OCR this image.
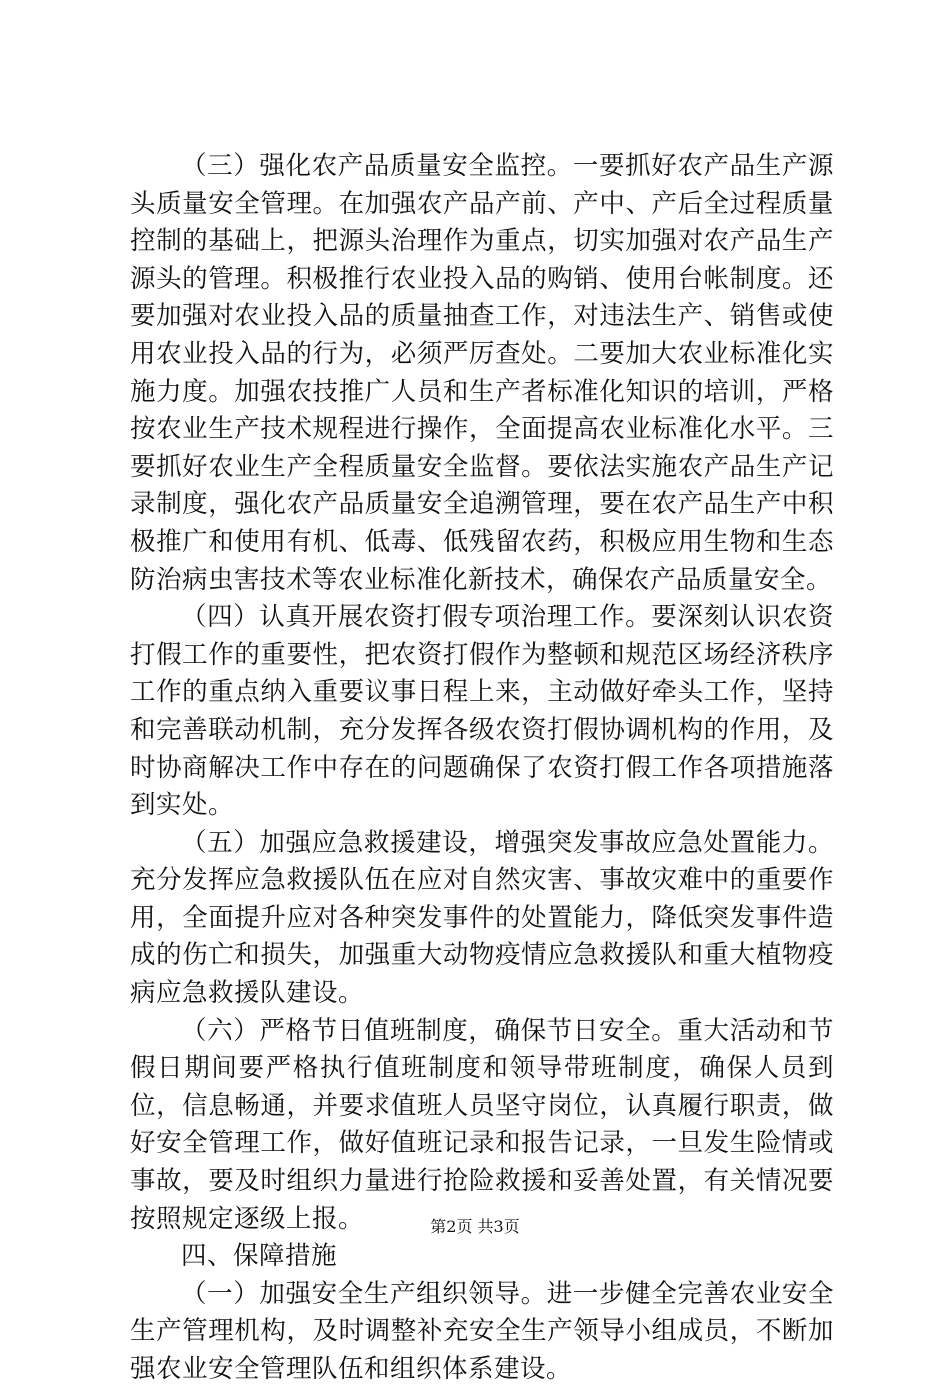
（三）强化农产品质量安全监控。一要抓好农产品生产源头质量安全管理。在加强农产品产前、产中、产后全过程质量控制的基础上，把源头治理作为重点，切实加强对农产品生产源头的管理。积极推行农业投入品的购销、使用台帐制度。还要加强对农业投入品的质量抽查工作，对违法生产、销售或使用农业投入品的行为，必须严厉查处。二要加大农业标准化实施力度。加强农技推广人员和生产者标准化知识的培训，严格按农业生产技术规程进行操作，全面提高农业标准化水平。三要抓好农业生产全程质量安全监督。要依法实施农产品生产记录制度，强化农产品质量安全追溯管理，要在农产品生产中积极推广和使用有机、低毒、低残留农药，积极应用生物和生态防治病虫害技术等农业标准化新技术，确保农产品质量安全。

（四）认真开展农资打假专项治理工作。要深刻认识农资打假工作的重要性，把农资打假作为整顿和规范区场经济秩序工作的重点纳入重要议事日程上来，主动做好牵头工作，坚持和完善联动机制，充分发挥各级农资打假协调机构的作用，及时协商解决工作中存在的问题确保了农资打假工作各项措施落到实处。

（五）加强应急救援建设，增强突发事故应急处置能力。充分发挥应急救援队伍在应对自然灾害、事故灾难中的重要作用，全面提升应对各种突发事件的处置能力，降低突发事件造成的伤亡和损失，加强重大动物疫情应急救援队和重大植物疫病应急救援队建设。

（六）严格节日值班制度，确保节日安全。重大活动和节假日期间要严格执行值班制度和领导带班制度，确保人员到位，信息畅通，并要求值班人员坚守岗位，认真履行职责，做好安全管理工作，做好值班记录和报告记录，一旦发生险情或事故，要及时组织力量进行抢险救援和妥善处置，有关情况要按照规定逐级上报。

四、保障措施

（一）加强安全生产组织领导。进一步健全完善农业安全生产管理机构，及时调整补充安全生产领导小组成员，不断加强农业安全管理队伍和组织体系建设。

第2页 共3页
